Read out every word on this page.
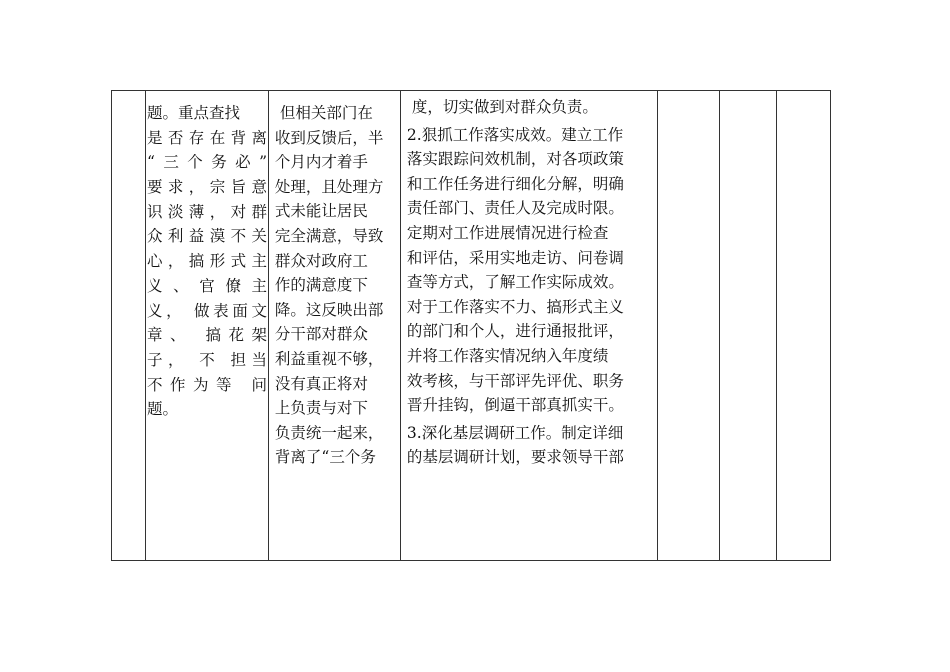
题。重点查找
是否存在背离
“三个务必”
要求，宗旨意
识淡薄，对群
众利益漠不关
心，搞形式主
义 、 官 僚 主
义， 做表面文
章、 搞花架
子， 不 担当
不作为等 问
题。
但相关部门在
收到反馈后，半
个月内才着手
处理，且处理方
式未能让居民
完全满意，导致
群众对政府工
作的满意度下
降。这反映出部
分干部对群众
利益重视不够，
没有真正将对
上负责与对下
负责统一起来，
背离了“三个务
度，切实做到对群众负责。
2.狠抓工作落实成效。建立工作
落实跟踪问效机制，对各项政策
和工作任务进行细化分解，明确
责任部门、责任人及完成时限。
定期对工作进展情况进行检查
和评估，采用实地走访、问卷调
查等方式，了解工作实际成效。
对于工作落实不力、搞形式主义
的部门和个人，进行通报批评，
并将工作落实情况纳入年度绩
效考核，与干部评先评优、职务
晋升挂钩，倒逼干部真抓实干。
3.深化基层调研工作。制定详细
的基层调研计划，要求领导干部
